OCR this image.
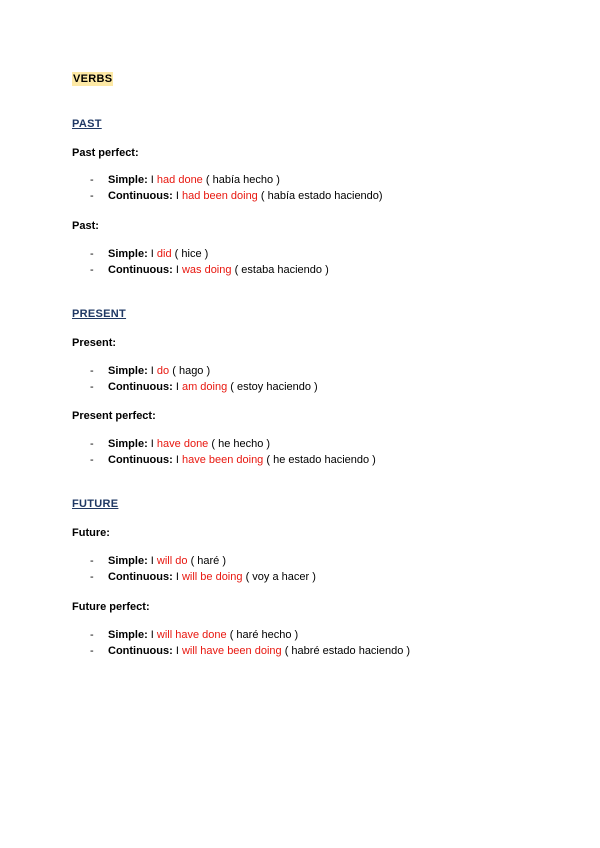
VERBS
PAST
Past perfect:
- Simple: I had done ( había hecho )
- Continuous: I had been doing ( había estado haciendo)
Past:
- Simple: I did ( hice )
- Continuous: I was doing ( estaba haciendo )
PRESENT
Present:
- Simple: I do ( hago )
- Continuous: I am doing ( estoy haciendo )
Present perfect:
- Simple: I have done ( he hecho )
- Continuous: I have been doing ( he estado haciendo )
FUTURE
Future:
- Simple: I will do ( haré )
- Continuous: I will be doing ( voy a hacer )
Future perfect:
- Simple: I will have done ( haré hecho )
- Continuous: I will have been doing ( habré estado haciendo )
